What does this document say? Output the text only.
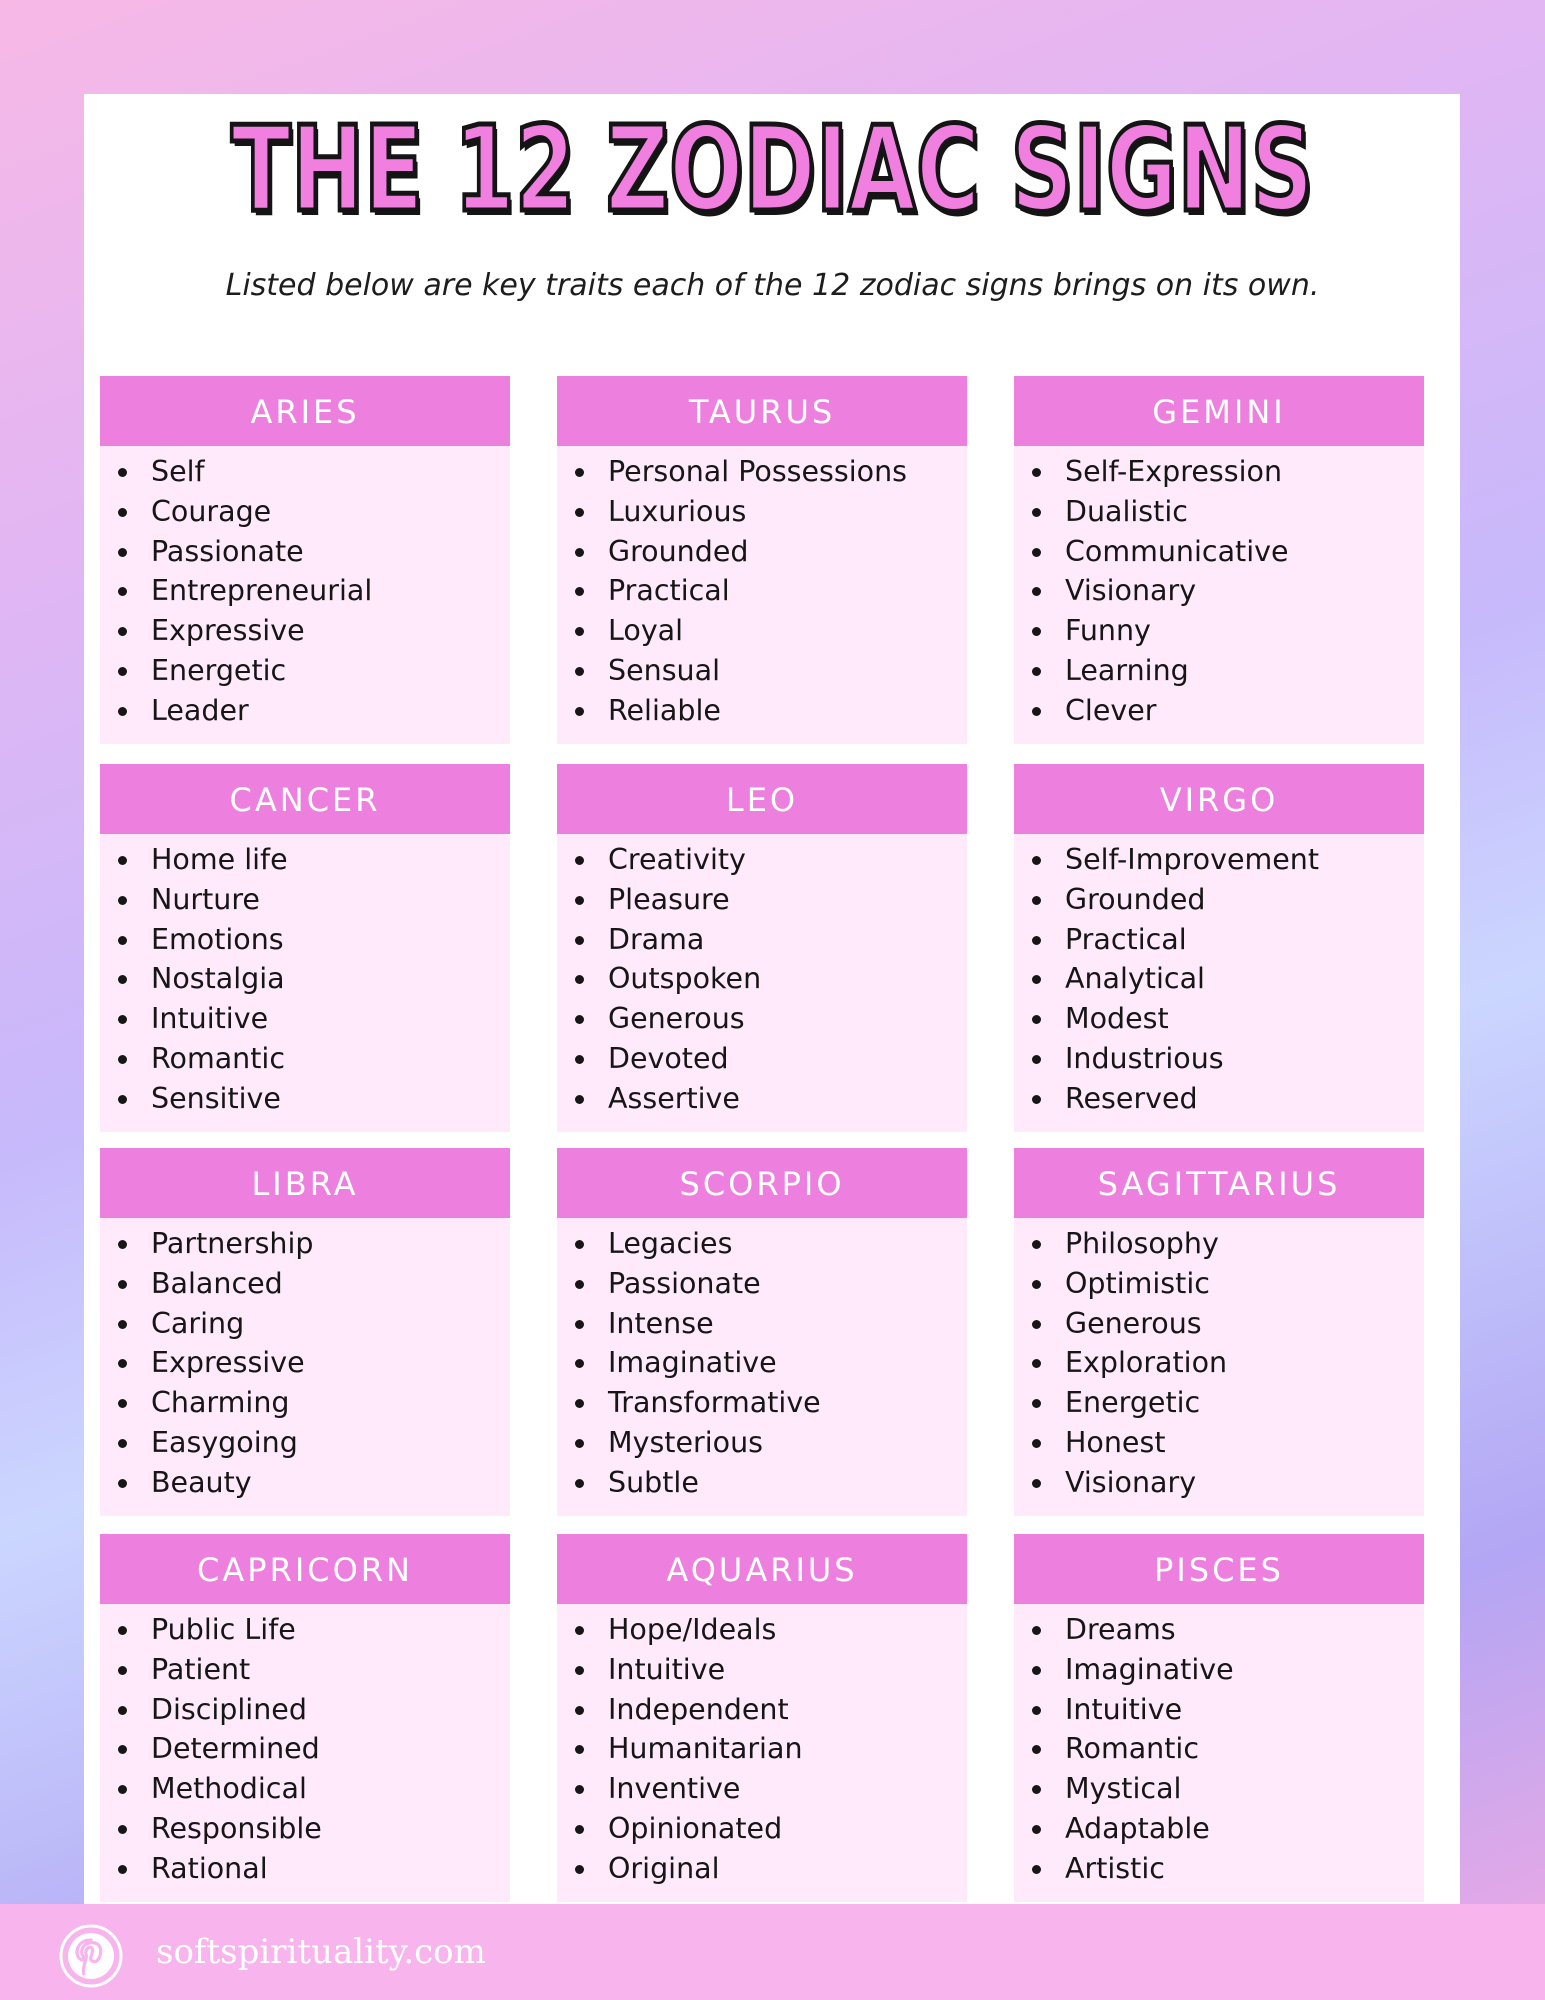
THE 12 ZODIAC SIGNS
Listed below are key traits each of the 12 zodiac signs brings on its own.
ARIES
Self
Courage
Passionate
Entrepreneurial
Expressive
Energetic
Leader
TAURUS
Personal Possessions
Luxurious
Grounded
Practical
Loyal
Sensual
Reliable
GEMINI
Self-Expression
Dualistic
Communicative
Visionary
Funny
Learning
Clever
CANCER
Home life
Nurture
Emotions
Nostalgia
Intuitive
Romantic
Sensitive
LEO
Creativity
Pleasure
Drama
Outspoken
Generous
Devoted
Assertive
VIRGO
Self-Improvement
Grounded
Practical
Analytical
Modest
Industrious
Reserved
LIBRA
Partnership
Balanced
Caring
Expressive
Charming
Easygoing
Beauty
SCORPIO
Legacies
Passionate
Intense
Imaginative
Transformative
Mysterious
Subtle
SAGITTARIUS
Philosophy
Optimistic
Generous
Exploration
Energetic
Honest
Visionary
CAPRICORN
Public Life
Patient
Disciplined
Determined
Methodical
Responsible
Rational
AQUARIUS
Hope/Ideals
Intuitive
Independent
Humanitarian
Inventive
Opinionated
Original
PISCES
Dreams
Imaginative
Intuitive
Romantic
Mystical
Adaptable
Artistic
softspirituality.com
